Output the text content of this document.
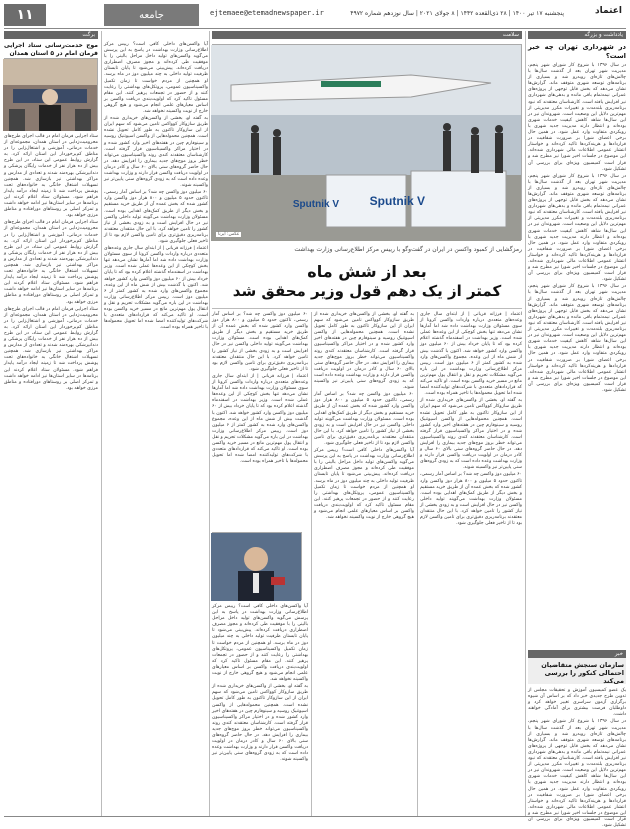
۱۱	جامعه	ejtemaee@etemadnewspaper.ir	پنجشنبه ۱۷ تیر ۱۴۰۰ | ۲۸ ذی‌القعده ۱۴۴۲ | ۸ جولای ۲۰۲۱ | سال نوزدهم شماره ۴۹۷۲	اعتماد
یادداشت و بزرگه
برگت	سلامت
در شهرداری تهران چه خبر است؟

در سال ۱۳۹۶ با شروع کار شورای شهر پنجم، مدیریت شهر تهران بعد از گذشت سال‌ها با چالش‌های تازه‌ای روبه‌رو شد و بسیاری از برنامه‌های توسعه شهری متوقف ماند. گزارش‌ها نشان می‌دهد که بخش قابل توجهی از پروژه‌های عمرانی نیمه‌تمام باقی مانده و بدهی‌های شهرداری نیز افزایش یافته است. کارشناسان معتقدند که نبود برنامه‌ریزی بلندمدت و تغییرات مکرر مدیریتی از مهم‌ترین دلایل این وضعیت است. شهروندان نیز در این سال‌ها شاهد کاهش کیفیت خدمات شهری بوده‌اند و انتظار دارند مدیریت جدید شهری با رویکردی متفاوت وارد عمل شود. در همین حال برخی اعضای شورا بر ضرورت شفافیت در قراردادها و هزینه‌کردها تاکید کرده‌اند و خواستار انتشار عمومی اطلاعات مالی شهرداری شده‌اند. این موضوع در جلسات اخیر شورا نیز مطرح شد و قرار است کمیسیون ویژه‌ای برای بررسی آن تشکیل شود.

در سال ۱۳۹۶ با شروع کار شورای شهر پنجم، مدیریت شهر تهران بعد از گذشت سال‌ها با چالش‌های تازه‌ای روبه‌رو شد و بسیاری از برنامه‌های توسعه شهری متوقف ماند. گزارش‌ها نشان می‌دهد که بخش قابل توجهی از پروژه‌های عمرانی نیمه‌تمام باقی مانده و بدهی‌های شهرداری نیز افزایش یافته است. کارشناسان معتقدند که نبود برنامه‌ریزی بلندمدت و تغییرات مکرر مدیریتی از مهم‌ترین دلایل این وضعیت است. شهروندان نیز در این سال‌ها شاهد کاهش کیفیت خدمات شهری بوده‌اند و انتظار دارند مدیریت جدید شهری با رویکردی متفاوت وارد عمل شود. در همین حال برخی اعضای شورا بر ضرورت شفافیت در قراردادها و هزینه‌کردها تاکید کرده‌اند و خواستار انتشار عمومی اطلاعات مالی شهرداری شده‌اند. این موضوع در جلسات اخیر شورا نیز مطرح شد و قرار است کمیسیون ویژه‌ای برای بررسی آن تشکیل شود.

در سال ۱۳۹۶ با شروع کار شورای شهر پنجم، مدیریت شهر تهران بعد از گذشت سال‌ها با چالش‌های تازه‌ای روبه‌رو شد و بسیاری از برنامه‌های توسعه شهری متوقف ماند. گزارش‌ها نشان می‌دهد که بخش قابل توجهی از پروژه‌های عمرانی نیمه‌تمام باقی مانده و بدهی‌های شهرداری نیز افزایش یافته است. کارشناسان معتقدند که نبود برنامه‌ریزی بلندمدت و تغییرات مکرر مدیریتی از مهم‌ترین دلایل این وضعیت است. شهروندان نیز در این سال‌ها شاهد کاهش کیفیت خدمات شهری بوده‌اند و انتظار دارند مدیریت جدید شهری با رویکردی متفاوت وارد عمل شود. در همین حال برخی اعضای شورا بر ضرورت شفافیت در قراردادها و هزینه‌کردها تاکید کرده‌اند و خواستار انتشار عمومی اطلاعات مالی شهرداری شده‌اند. این موضوع در جلسات اخیر شورا نیز مطرح شد و قرار است کمیسیون ویژه‌ای برای بررسی آن تشکیل شود.

خبر
سازمان سنجش متقاضیان احتمالی کنکور را بررسی می‌کند

یک عضو کمیسیون آموزش و تحقیقات مجلس از تدوین طرح جدیدی خبر داد که بر اساس آن شیوه برگزاری آزمون سراسری تغییر خواهد کرد و داوطلبان فرصت بیشتری برای آمادگی خواهند داشت.

در سال ۱۳۹۶ با شروع کار شورای شهر پنجم، مدیریت شهر تهران بعد از گذشت سال‌ها با چالش‌های تازه‌ای روبه‌رو شد و بسیاری از برنامه‌های توسعه شهری متوقف ماند. گزارش‌ها نشان می‌دهد که بخش قابل توجهی از پروژه‌های عمرانی نیمه‌تمام باقی مانده و بدهی‌های شهرداری نیز افزایش یافته است. کارشناسان معتقدند که نبود برنامه‌ریزی بلندمدت و تغییرات مکرر مدیریتی از مهم‌ترین دلایل این وضعیت است. شهروندان نیز در این سال‌ها شاهد کاهش کیفیت خدمات شهری بوده‌اند و انتظار دارند مدیریت جدید شهری با رویکردی متفاوت وارد عمل شود. در همین حال برخی اعضای شورا بر ضرورت شفافیت در قراردادها و هزینه‌کردها تاکید کرده‌اند و خواستار انتشار عمومی اطلاعات مالی شهرداری شده‌اند. این موضوع در جلسات اخیر شورا نیز مطرح شد و قرار است کمیسیون ویژه‌ای برای بررسی آن تشکیل شود.

موج خدمت‌رسانی ستاد اجرایی فرمان امام در ۵ استان همدان

ستاد اجرایی فرمان امام در قالب اجرای طرح‌های محرومیت‌زدایی در استان همدان، مجموعه‌ای از خدمات درمانی، آموزشی و اشتغال‌زایی را در مناطق کم‌برخوردار این استان ارائه کرد. به گزارش روابط عمومی این ستاد، در این طرح بیش از ده هزار نفر از خدمات رایگان پزشکی و دندانپزشکی بهره‌مند شدند و تعدادی از مدارس و مراکز بهداشتی نیز بازسازی شد. همچنین تسهیلات اشتغال خانگی به خانواده‌های تحت پوشش پرداخت شد تا زمینه ایجاد درآمد پایدار فراهم شود. مسئولان ستاد اعلام کردند این برنامه‌ها در سایر استان‌ها نیز ادامه خواهد داشت و تمرکز اصلی بر روستاهای دورافتاده و مناطق مرزی خواهد بود.

ستاد اجرایی فرمان امام در قالب اجرای طرح‌های محرومیت‌زدایی در استان همدان، مجموعه‌ای از خدمات درمانی، آموزشی و اشتغال‌زایی را در مناطق کم‌برخوردار این استان ارائه کرد. به گزارش روابط عمومی این ستاد، در این طرح بیش از ده هزار نفر از خدمات رایگان پزشکی و دندانپزشکی بهره‌مند شدند و تعدادی از مدارس و مراکز بهداشتی نیز بازسازی شد. همچنین تسهیلات اشتغال خانگی به خانواده‌های تحت پوشش پرداخت شد تا زمینه ایجاد درآمد پایدار فراهم شود. مسئولان ستاد اعلام کردند این برنامه‌ها در سایر استان‌ها نیز ادامه خواهد داشت و تمرکز اصلی بر روستاهای دورافتاده و مناطق مرزی خواهد بود.

ستاد اجرایی فرمان امام در قالب اجرای طرح‌های محرومیت‌زدایی در استان همدان، مجموعه‌ای از خدمات درمانی، آموزشی و اشتغال‌زایی را در مناطق کم‌برخوردار این استان ارائه کرد. به گزارش روابط عمومی این ستاد، در این طرح بیش از ده هزار نفر از خدمات رایگان پزشکی و دندانپزشکی بهره‌مند شدند و تعدادی از مدارس و مراکز بهداشتی نیز بازسازی شد. همچنین تسهیلات اشتغال خانگی به خانواده‌های تحت پوشش پرداخت شد تا زمینه ایجاد درآمد پایدار فراهم شود. مسئولان ستاد اعلام کردند این برنامه‌ها در سایر استان‌ها نیز ادامه خواهد داشت و تمرکز اصلی بر روستاهای دورافتاده و مناطق مرزی خواهد بود.

آیا واکسن‌های داخلی کافی است؟ رییس مرکز اطلاع‌رسانی وزارت بهداشت در پاسخ به این پرسش می‌گوید واکسن‌های تولید داخل مراحل بالینی را با موفقیت طی کرده‌اند و مجوز مصرف اضطراری دریافت کرده‌اند. پیش‌بینی می‌شود تا پایان تابستان ظرفیت تولید داخلی به چند میلیون دوز در ماه برسد. او همچنین از مردم خواست تا زمان تکمیل واکسیناسیون عمومی، پروتکل‌های بهداشتی را رعایت کنند و از حضور در تجمعات پرهیز کنند. این مقام مسئول تاکید کرد که اولویت‌بندی دریافت واکسن بر اساس معیارهای علمی انجام می‌شود و هیچ گروهی خارج از نوبت واکسینه نخواهد شد.

به گفته او، بخشی از واکسن‌های خریداری شده از طریق سازوکار کوواکس تامین می‌شود که سهم ایران از این سازوکار تاکنون به طور کامل تحویل نشده است. همچنین محموله‌هایی از واکسن اسپوتنیک روسیه و سینوفارم چین در هفته‌های اخیر وارد کشور شده و در اختیار مراکز واکسیناسیون قرار گرفته است. کارشناسان معتقدند کندی روند واکسیناسیون می‌تواند خطر بروز موج‌های جدید بیماری را افزایش دهد. در حال حاضر گروه‌های سنی بالای ۶۰ سال و کادر درمان در اولویت دریافت واکسن قرار دارند و وزارت بهداشت وعده داده است که به زودی گروه‌های سنی پایین‌تر نیز واکسینه شوند.

۶۰ میلیون دوز واکسن چه شد؟ بر اساس آمار رسمی، تاکنون حدود ۵ میلیون و ۸۰۰ هزار دوز واکسن وارد کشور شده که بخش عمده آن از طریق خرید مستقیم و بخش دیگر از طریق کمک‌های اهدایی بوده است. مسئولان وزارت بهداشت می‌گویند تولید داخلی واکسن نیز در حال افزایش است و به زودی بخشی از نیاز کشور را تامین خواهد کرد. با این حال منتقدان معتقدند برنامه‌ریزی دقیق‌تری برای تامین واکسن لازم بود تا از تاخیر فعلی جلوگیری شود.

اعتماد | فرزانه قربانی | از ابتدای سال جاری وعده‌های متعددی درباره واردات واکسن کرونا از سوی مسئولان وزارت بهداشت داده شد اما آمارها نشان می‌دهد تنها بخش کوچکی از این وعده‌ها عملی شده است. وزیر بهداشت در اسفندماه گذشته اعلام کرده بود که تا پایان خرداد بیش از ۶۰ میلیون دوز واکسن وارد کشور خواهد شد. اکنون با گذشت بیش از شش ماه از این وعده، مجموع واکسن‌های وارد شده به کشور کمتر از ۶ میلیون دوز است. رییس مرکز اطلاع‌رسانی وزارت بهداشت در این باره می‌گوید مشکلات تحریم و نقل و انتقال پول مهم‌ترین مانع در مسیر خرید واکسن بوده است. او تاکید می‌کند که قراردادهای متعددی با شرکت‌های تولیدکننده امضا شده اما تحویل محموله‌ها با تاخیر همراه بوده است.

Sputnik V	Sputnik V
عکس: ایرنا
رمزگشایی از کمبود واکسن در ایران در گفت‌وگو با رییس مرکز اطلاع‌رسانی وزارت بهداشت
بعد از شش ماه
کمتر از یک دهم قول وزیر محقق شد

اعتماد | فرزانه قربانی | از ابتدای سال جاری وعده‌های متعددی درباره واردات واکسن کرونا از سوی مسئولان وزارت بهداشت داده شد اما آمارها نشان می‌دهد تنها بخش کوچکی از این وعده‌ها عملی شده است. وزیر بهداشت در اسفندماه گذشته اعلام کرده بود که تا پایان خرداد بیش از ۶۰ میلیون دوز واکسن وارد کشور خواهد شد. اکنون با گذشت بیش از شش ماه از این وعده، مجموع واکسن‌های وارد شده به کشور کمتر از ۶ میلیون دوز است. رییس مرکز اطلاع‌رسانی وزارت بهداشت در این باره می‌گوید مشکلات تحریم و نقل و انتقال پول مهم‌ترین مانع در مسیر خرید واکسن بوده است. او تاکید می‌کند که قراردادهای متعددی با شرکت‌های تولیدکننده امضا شده اما تحویل محموله‌ها با تاخیر همراه بوده است.

به گفته او، بخشی از واکسن‌های خریداری شده از طریق سازوکار کوواکس تامین می‌شود که سهم ایران از این سازوکار تاکنون به طور کامل تحویل نشده است. همچنین محموله‌هایی از واکسن اسپوتنیک روسیه و سینوفارم چین در هفته‌های اخیر وارد کشور شده و در اختیار مراکز واکسیناسیون قرار گرفته است. کارشناسان معتقدند کندی روند واکسیناسیون می‌تواند خطر بروز موج‌های جدید بیماری را افزایش دهد. در حال حاضر گروه‌های سنی بالای ۶۰ سال و کادر درمان در اولویت دریافت واکسن قرار دارند و وزارت بهداشت وعده داده است که به زودی گروه‌های سنی پایین‌تر نیز واکسینه شوند.

۶۰ میلیون دوز واکسن چه شد؟ بر اساس آمار رسمی، تاکنون حدود ۵ میلیون و ۸۰۰ هزار دوز واکسن وارد کشور شده که بخش عمده آن از طریق خرید مستقیم و بخش دیگر از طریق کمک‌های اهدایی بوده است. مسئولان وزارت بهداشت می‌گویند تولید داخلی واکسن نیز در حال افزایش است و به زودی بخشی از نیاز کشور را تامین خواهد کرد. با این حال منتقدان معتقدند برنامه‌ریزی دقیق‌تری برای تامین واکسن لازم بود تا از تاخیر فعلی جلوگیری شود.

به گفته او، بخشی از واکسن‌های خریداری شده از طریق سازوکار کوواکس تامین می‌شود که سهم ایران از این سازوکار تاکنون به طور کامل تحویل نشده است. همچنین محموله‌هایی از واکسن اسپوتنیک روسیه و سینوفارم چین در هفته‌های اخیر وارد کشور شده و در اختیار مراکز واکسیناسیون قرار گرفته است. کارشناسان معتقدند کندی روند واکسیناسیون می‌تواند خطر بروز موج‌های جدید بیماری را افزایش دهد. در حال حاضر گروه‌های سنی بالای ۶۰ سال و کادر درمان در اولویت دریافت واکسن قرار دارند و وزارت بهداشت وعده داده است که به زودی گروه‌های سنی پایین‌تر نیز واکسینه شوند.

۶۰ میلیون دوز واکسن چه شد؟ بر اساس آمار رسمی، تاکنون حدود ۵ میلیون و ۸۰۰ هزار دوز واکسن وارد کشور شده که بخش عمده آن از طریق خرید مستقیم و بخش دیگر از طریق کمک‌های اهدایی بوده است. مسئولان وزارت بهداشت می‌گویند تولید داخلی واکسن نیز در حال افزایش است و به زودی بخشی از نیاز کشور را تامین خواهد کرد. با این حال منتقدان معتقدند برنامه‌ریزی دقیق‌تری برای تامین واکسن لازم بود تا از تاخیر فعلی جلوگیری شود.

آیا واکسن‌های داخلی کافی است؟ رییس مرکز اطلاع‌رسانی وزارت بهداشت در پاسخ به این پرسش می‌گوید واکسن‌های تولید داخل مراحل بالینی را با موفقیت طی کرده‌اند و مجوز مصرف اضطراری دریافت کرده‌اند. پیش‌بینی می‌شود تا پایان تابستان ظرفیت تولید داخلی به چند میلیون دوز در ماه برسد. او همچنین از مردم خواست تا زمان تکمیل واکسیناسیون عمومی، پروتکل‌های بهداشتی را رعایت کنند و از حضور در تجمعات پرهیز کنند. این مقام مسئول تاکید کرد که اولویت‌بندی دریافت واکسن بر اساس معیارهای علمی انجام می‌شود و هیچ گروهی خارج از نوبت واکسینه نخواهد شد.

۶۰ میلیون دوز واکسن چه شد؟ بر اساس آمار رسمی، تاکنون حدود ۵ میلیون و ۸۰۰ هزار دوز واکسن وارد کشور شده که بخش عمده آن از طریق خرید مستقیم و بخش دیگر از طریق کمک‌های اهدایی بوده است. مسئولان وزارت بهداشت می‌گویند تولید داخلی واکسن نیز در حال افزایش است و به زودی بخشی از نیاز کشور را تامین خواهد کرد. با این حال منتقدان معتقدند برنامه‌ریزی دقیق‌تری برای تامین واکسن لازم بود تا از تاخیر فعلی جلوگیری شود.

اعتماد | فرزانه قربانی | از ابتدای سال جاری وعده‌های متعددی درباره واردات واکسن کرونا از سوی مسئولان وزارت بهداشت داده شد اما آمارها نشان می‌دهد تنها بخش کوچکی از این وعده‌ها عملی شده است. وزیر بهداشت در اسفندماه گذشته اعلام کرده بود که تا پایان خرداد بیش از ۶۰ میلیون دوز واکسن وارد کشور خواهد شد. اکنون با گذشت بیش از شش ماه از این وعده، مجموع واکسن‌های وارد شده به کشور کمتر از ۶ میلیون دوز است. رییس مرکز اطلاع‌رسانی وزارت بهداشت در این باره می‌گوید مشکلات تحریم و نقل و انتقال پول مهم‌ترین مانع در مسیر خرید واکسن بوده است. او تاکید می‌کند که قراردادهای متعددی با شرکت‌های تولیدکننده امضا شده اما تحویل محموله‌ها با تاخیر همراه بوده است.

آیا واکسن‌های داخلی کافی است؟ رییس مرکز اطلاع‌رسانی وزارت بهداشت در پاسخ به این پرسش می‌گوید واکسن‌های تولید داخل مراحل بالینی را با موفقیت طی کرده‌اند و مجوز مصرف اضطراری دریافت کرده‌اند. پیش‌بینی می‌شود تا پایان تابستان ظرفیت تولید داخلی به چند میلیون دوز در ماه برسد. او همچنین از مردم خواست تا زمان تکمیل واکسیناسیون عمومی، پروتکل‌های بهداشتی را رعایت کنند و از حضور در تجمعات پرهیز کنند. این مقام مسئول تاکید کرد که اولویت‌بندی دریافت واکسن بر اساس معیارهای علمی انجام می‌شود و هیچ گروهی خارج از نوبت واکسینه نخواهد شد.

به گفته او، بخشی از واکسن‌های خریداری شده از طریق سازوکار کوواکس تامین می‌شود که سهم ایران از این سازوکار تاکنون به طور کامل تحویل نشده است. همچنین محموله‌هایی از واکسن اسپوتنیک روسیه و سینوفارم چین در هفته‌های اخیر وارد کشور شده و در اختیار مراکز واکسیناسیون قرار گرفته است. کارشناسان معتقدند کندی روند واکسیناسیون می‌تواند خطر بروز موج‌های جدید بیماری را افزایش دهد. در حال حاضر گروه‌های سنی بالای ۶۰ سال و کادر درمان در اولویت دریافت واکسن قرار دارند و وزارت بهداشت وعده داده است که به زودی گروه‌های سنی پایین‌تر نیز واکسینه شوند.
